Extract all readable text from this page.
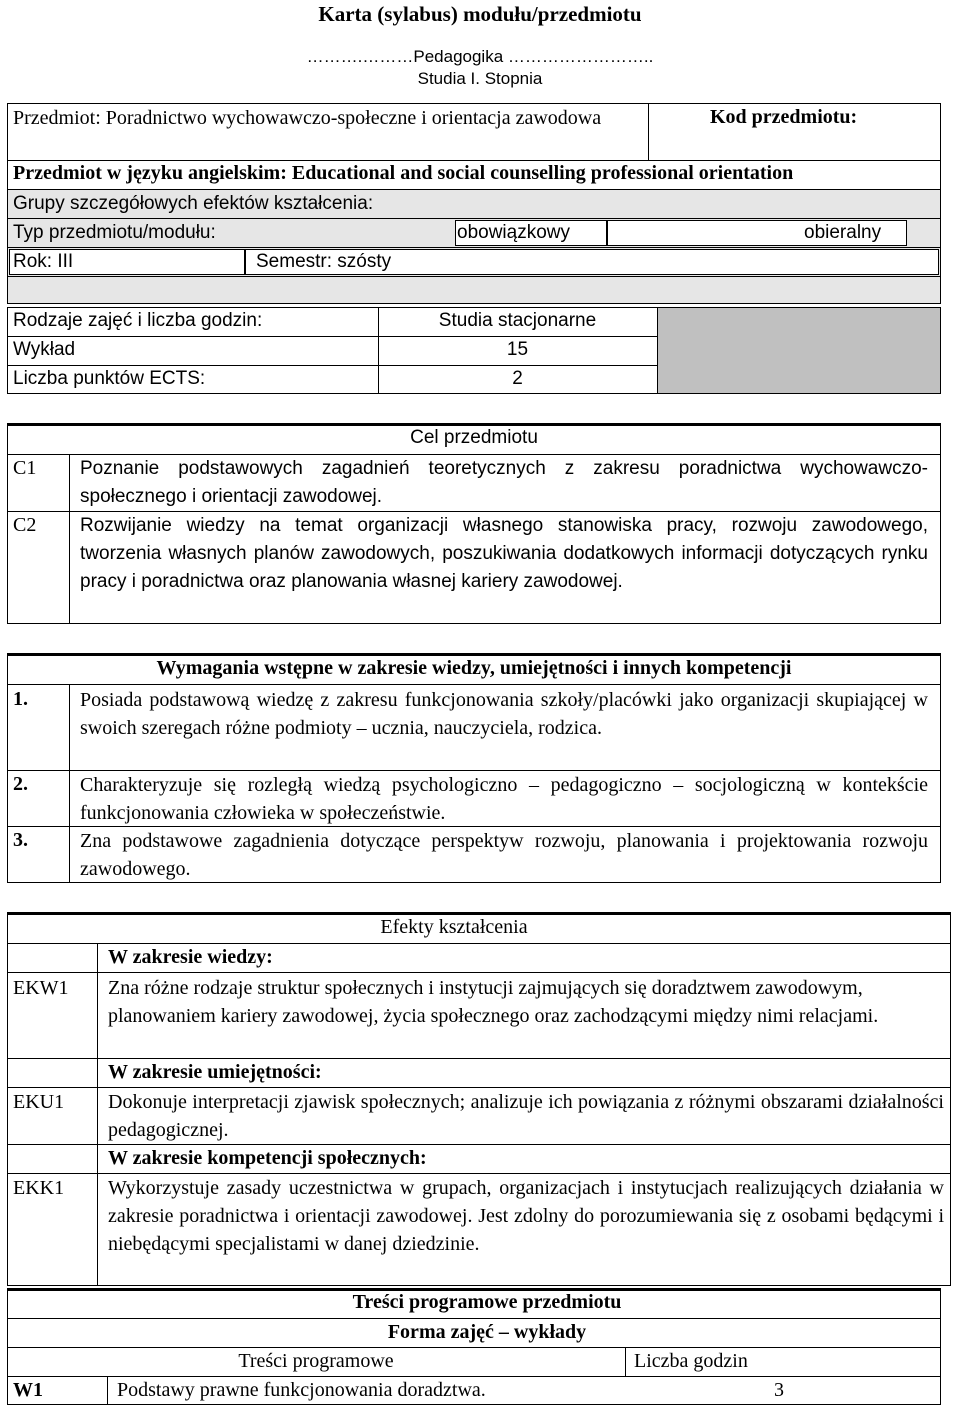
Karta (sylabus) modułu/przedmiotu
……….………Pedagogika ……………………..
Studia I. Stopnia
Przedmiot: Poradnictwo wychowawczo-społeczne i orientacja zawodowa	Kod przedmiotu:
Przedmiot w języku angielskim: Educational and social counselling professional orientation
Grupy szczegółowych efektów kształcenia:
Typ przedmiotu/modułu:	obowiązkowy	obieralny
Rok: III	Semestr: szósty
Rodzaje zajęć i liczba godzin:	Studia stacjonarne
Wykład	15
Liczba punktów ECTS:	2
Cel przedmiotu
C1 Poznanie podstawowych zagadnień teoretycznych z zakresu poradnictwa wychowawczo-społecznego i orientacji zawodowej.
C2 Rozwijanie wiedzy na temat organizacji własnego stanowiska pracy, rozwoju zawodowego, tworzenia własnych planów zawodowych, poszukiwania dodatkowych informacji dotyczących rynku pracy i poradnictwa oraz planowania własnej kariery zawodowej.
Wymagania wstępne w zakresie wiedzy, umiejętności i innych kompetencji
1.	Posiada podstawową wiedzę z zakresu funkcjonowania szkoły/placówki jako organizacji skupiającej w swoich szeregach różne podmioty – ucznia, nauczyciela, rodzica.
2.	Charakteryzuje się rozległą wiedzą psychologiczno – pedagogiczno – socjologiczną w kontekście funkcjonowania człowieka w społeczeństwie.
3.	Zna podstawowe zagadnienia dotyczące perspektyw rozwoju, planowania i projektowania rozwoju zawodowego.
Efekty kształcenia
W zakresie wiedzy:
EKW1 Zna różne rodzaje struktur społecznych i instytucji zajmujących się doradztwem zawodowym, planowaniem kariery zawodowej, życia społecznego oraz zachodzącymi między nimi relacjami.
W zakresie umiejętności:
EKU1 Dokonuje interpretacji zjawisk społecznych; analizuje ich powiązania z różnymi obszarami działalności pedagogicznej.
W zakresie kompetencji społecznych:
EKK1 Wykorzystuje zasady uczestnictwa w grupach, organizacjach i instytucjach realizujących działania w zakresie poradnictwa i orientacji zawodowej. Jest zdolny do porozumiewania się z osobami będącymi i niebędącymi specjalistami w danej dziedzinie.
Treści programowe przedmiotu
Forma zajęć – wykłady
Treści programowe	Liczba godzin
W1	Podstawy prawne funkcjonowania doradztwa.	3
